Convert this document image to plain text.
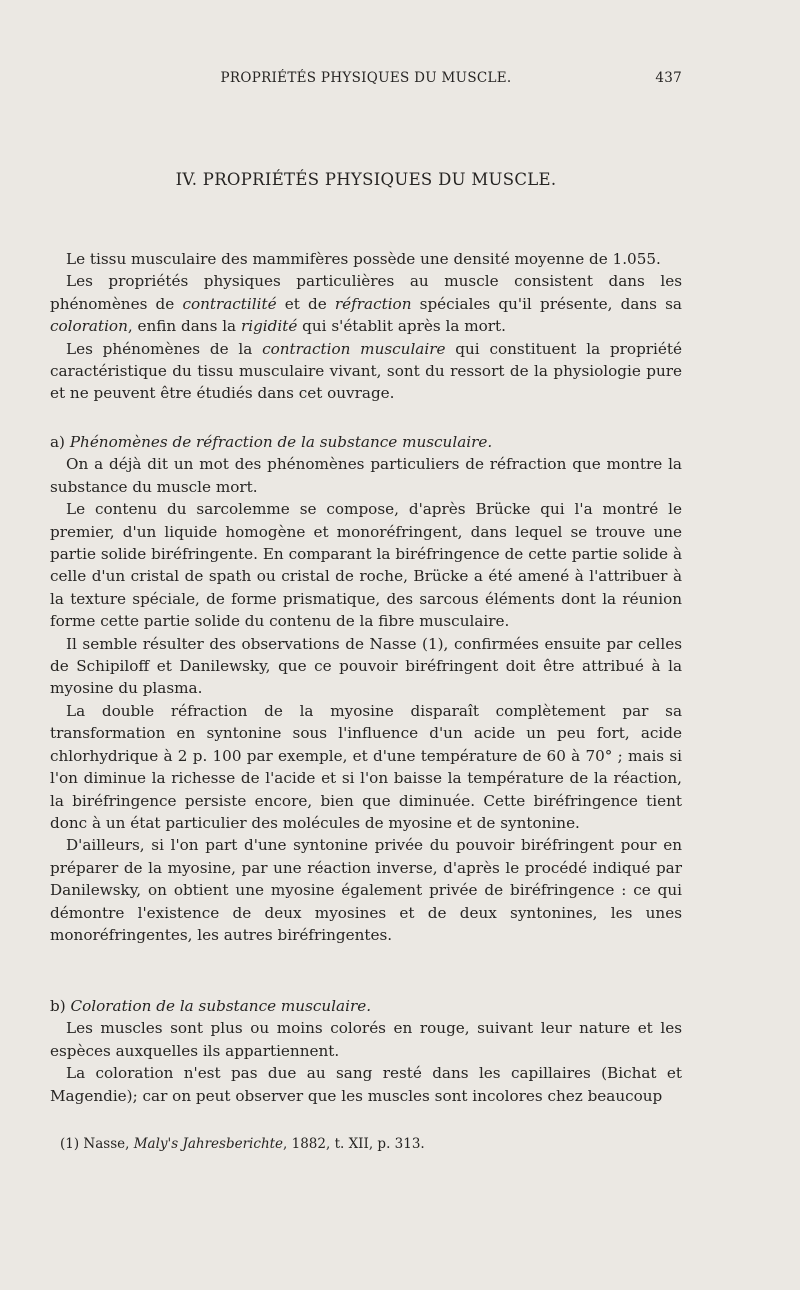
PROPRIÉTÉS PHYSIQUES DU MUSCLE.	437
IV. PROPRIÉTÉS PHYSIQUES DU MUSCLE.

Le tissu musculaire des mammifères possède une densité moyenne de 1.055.

Les propriétés physiques particulières au muscle consistent dans les phénomènes de contractilité et de réfraction spéciales qu'il présente, dans sa coloration, enfin dans la rigidité qui s'établit après la mort.

Les phénomènes de la contraction musculaire qui constituent la propriété caractéristique du tissu musculaire vivant, sont du ressort de la physiologie pure et ne peuvent être étudiés dans cet ouvrage.

a) Phénomènes de réfraction de la substance musculaire.

On a déjà dit un mot des phénomènes particuliers de réfraction que montre la substance du muscle mort.

Le contenu du sarcolemme se compose, d'après Brücke qui l'a montré le premier, d'un liquide homogène et monoréfringent, dans lequel se trouve une partie solide biréfringente. En comparant la biréfringence de cette partie solide à celle d'un cristal de spath ou cristal de roche, Brücke a été amené à l'attribuer à la texture spéciale, de forme prismatique, des sarcous éléments dont la réunion forme cette partie solide du contenu de la fibre musculaire.

Il semble résulter des observations de Nasse (1), confirmées ensuite par celles de Schipiloff et Danilewsky, que ce pouvoir biréfringent doit être attribué à la myosine du plasma.

La double réfraction de la myosine disparaît complètement par sa transformation en syntonine sous l'influence d'un acide un peu fort, acide chlorhydrique à 2 p. 100 par exemple, et d'une température de 60 à 70° ; mais si l'on diminue la richesse de l'acide et si l'on baisse la température de la réaction, la biréfringence persiste encore, bien que diminuée. Cette biréfringence tient donc à un état particulier des molécules de myosine et de syntonine.

D'ailleurs, si l'on part d'une syntonine privée du pouvoir biréfringent pour en préparer de la myosine, par une réaction inverse, d'après le procédé indiqué par Danilewsky, on obtient une myosine également privée de biréfringence : ce qui démontre l'existence de deux myosines et de deux syntonines, les unes monoréfringentes, les autres biréfringentes.

b) Coloration de la substance musculaire.

Les muscles sont plus ou moins colorés en rouge, suivant leur nature et les espèces auxquelles ils appartiennent.

La coloration n'est pas due au sang resté dans les capillaires (Bichat et Magendie); car on peut observer que les muscles sont incolores chez beaucoup

(1) Nasse, Maly's Jahresberichte, 1882, t. XII, p. 313.
